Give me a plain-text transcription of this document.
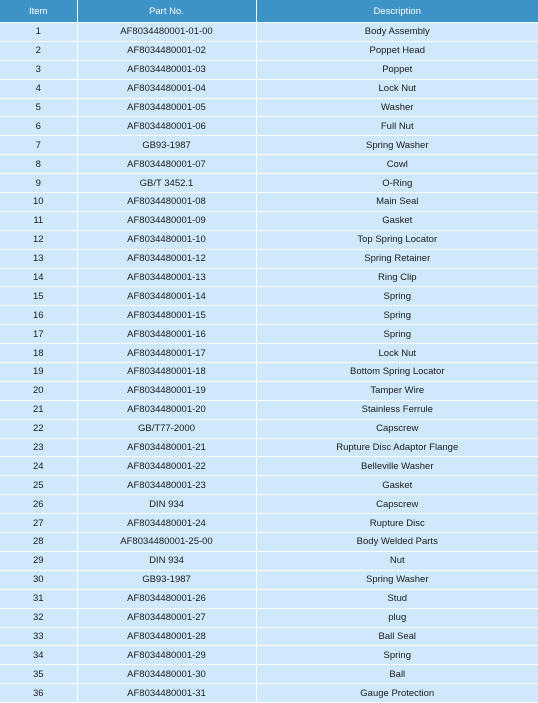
Item	Part No.	Description
1	AF8034480001-01-00	Body Assembly
2	AF8034480001-02	Poppet Head
3	AF8034480001-03	Poppet
4	AF8034480001-04	Lock Nut
5	AF8034480001-05	Washer
6	AF8034480001-06	Full Nut
7	GB93-1987	Spring Washer
8	AF8034480001-07	Cowl
9	GB/T 3452.1	O-Ring
10	AF8034480001-08	Main Seal
11	AF8034480001-09	Gasket
12	AF8034480001-10	Top Spring Locator
13	AF8034480001-12	Spring Retainer
14	AF8034480001-13	Ring Clip
15	AF8034480001-14	Spring
16	AF8034480001-15	Spring
17	AF8034480001-16	Spring
18	AF8034480001-17	Lock Nut
19	AF8034480001-18	Bottom Spring Locator
20	AF8034480001-19	Tamper Wire
21	AF8034480001-20	Stainless Ferrule
22	GB/T77-2000	Capscrew
23	AF8034480001-21	Rupture Disc Adaptor Flange
24	AF8034480001-22	Belleville Washer
25	AF8034480001-23	Gasket
26	DIN 934	Capscrew
27	AF8034480001-24	Rupture Disc
28	AF8034480001-25-00	Body Welded Parts
29	DIN 934	Nut
30	GB93-1987	Spring Washer
31	AF8034480001-26	Stud
32	AF8034480001-27	plug
33	AF8034480001-28	Ball Seal
34	AF8034480001-29	Spring
35	AF8034480001-30	Ball
36	AF8034480001-31	Gauge Protection
